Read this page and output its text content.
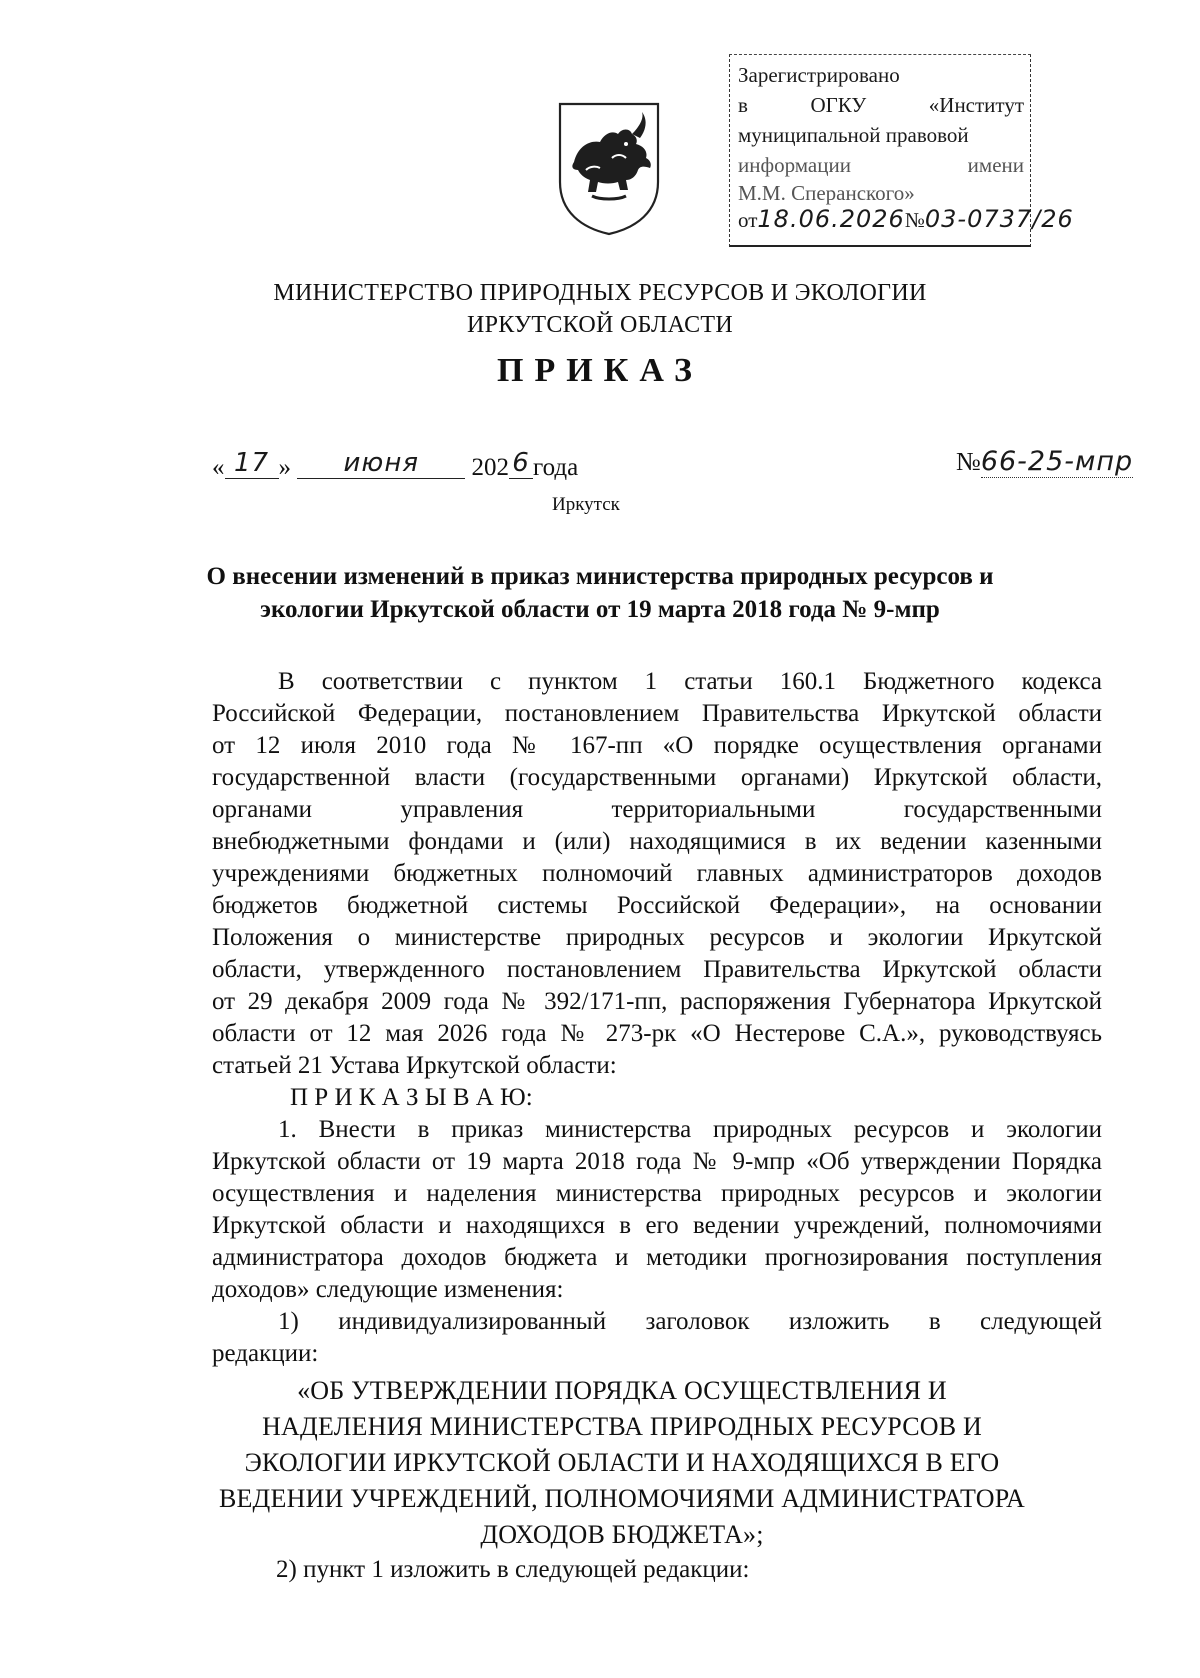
Зарегистрировано
в	ОГКУ	«Институт
муниципальной правовой
информации	имени
М.М. Сперанского»
от18.06.2026№03-0737/26
МИНИСТЕРСТВО ПРИРОДНЫХ РЕСУРСОВ И ЭКОЛОГИИ
ИРКУТСКОЙ ОБЛАСТИ
ПРИКАЗ
« 17 » июня 202 6 года	№66-25-мпр
Иркутск
О внесении изменений в приказ министерства природных ресурсов и
экологии Иркутской области от 19 марта 2018 года № 9-мпр
В соответствии с пунктом 1 статьи 160.1 Бюджетного кодекса
Российской Федерации, постановлением Правительства Иркутской области
от 12 июля 2010 года № 167-пп «О порядке осуществления органами
государственной власти (государственными органами) Иркутской области,
органами управления территориальными государственными
внебюджетными фондами и (или) находящимися в их ведении казенными
учреждениями бюджетных полномочий главных администраторов доходов
бюджетов бюджетной системы Российской Федерации», на основании
Положения о министерстве природных ресурсов и экологии Иркутской
области, утвержденного постановлением Правительства Иркутской области
от 29 декабря 2009 года № 392/171-пп, распоряжения Губернатора Иркутской
области от 12 мая 2026 года № 273-рк «О Нестерове С.А.», руководствуясь
статьей 21 Устава Иркутской области:
П Р И К А З Ы В А Ю:
1. Внести в приказ министерства природных ресурсов и экологии
Иркутской области от 19 марта 2018 года № 9-мпр «Об утверждении Порядка
осуществления и наделения министерства природных ресурсов и экологии
Иркутской области и находящихся в его ведении учреждений, полномочиями
администратора доходов бюджета и методики прогнозирования поступления
доходов» следующие изменения:
1) индивидуализированный заголовок изложить в следующей
редакции:
«ОБ УТВЕРЖДЕНИИ ПОРЯДКА ОСУЩЕСТВЛЕНИЯ И
НАДЕЛЕНИЯ МИНИСТЕРСТВА ПРИРОДНЫХ РЕСУРСОВ И
ЭКОЛОГИИ ИРКУТСКОЙ ОБЛАСТИ И НАХОДЯЩИХСЯ В ЕГО
ВЕДЕНИИ УЧРЕЖДЕНИЙ, ПОЛНОМОЧИЯМИ АДМИНИСТРАТОРА
ДОХОДОВ БЮДЖЕТА»;
2) пункт 1 изложить в следующей редакции:
